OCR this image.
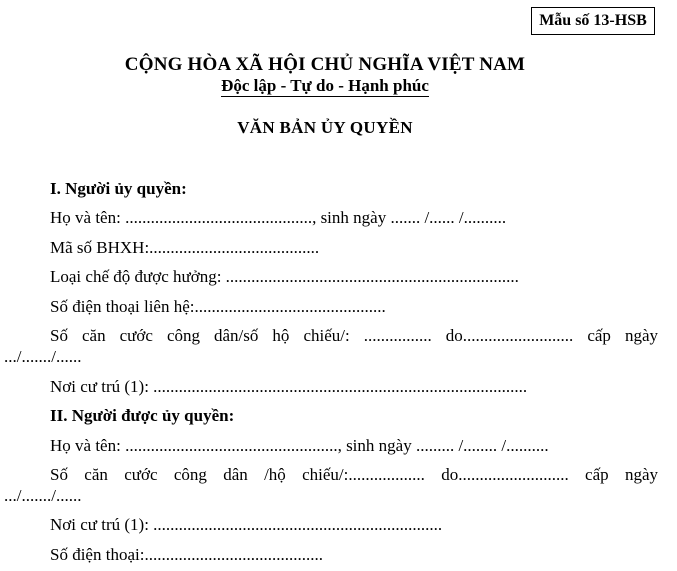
Mẫu số 13-HSB
CỘNG HÒA XÃ HỘI CHỦ NGHĨA VIỆT NAM
Độc lập - Tự do - Hạnh phúc
VĂN BẢN ỦY QUYỀN
I. Người ủy quyền:
Họ và tên: ............................................, sinh ngày ....... /...... /..........
Mã số BHXH:........................................
Loại chế độ được hưởng: .....................................................................
Số điện thoại liên hệ:.............................................
Số căn cước công dân/số hộ chiếu/: ................ do.......................... cấp ngày
.../......./......
Nơi cư trú (1): ........................................................................................
II. Người được ủy quyền:
Họ và tên: .................................................., sinh ngày ......... /........ /..........
Số căn cước công dân /hộ chiếu/:.................. do.......................... cấp ngày
.../......./......
Nơi cư trú (1): ....................................................................
Số điện thoại:..........................................
